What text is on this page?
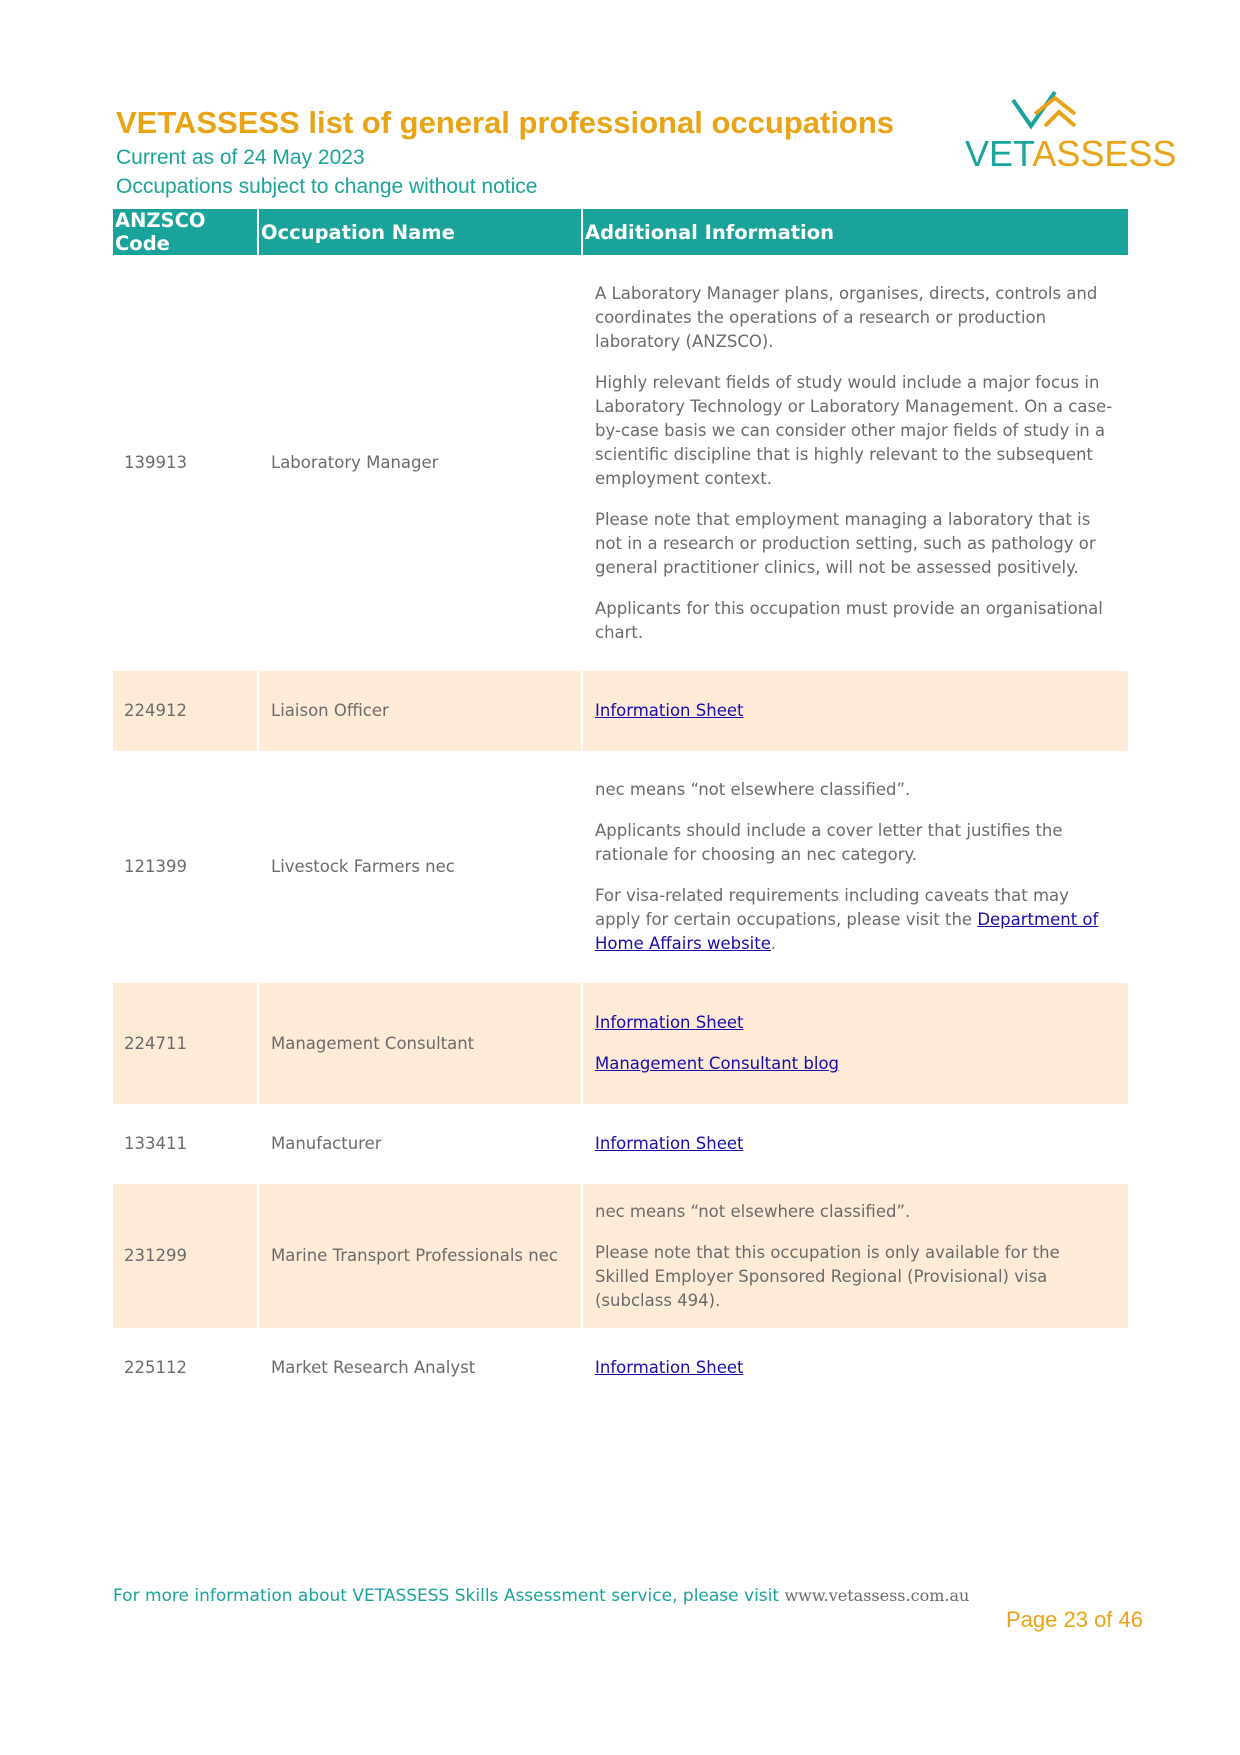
VETASSESS list of general professional occupations

Current as of 24 May 2023

Occupations subject to change without notice

VETASSESS
ANZSCO Code	Occupation Name	Additional Information
139913	Laboratory Manager	A Laboratory Manager plans, organises, directs, controls and coordinates the operations of a research or production laboratory (ANZSCO).

Highly relevant fields of study would include a major focus in Laboratory Technology or Laboratory Management. On a case-by-case basis we can consider other major fields of study in a scientific discipline that is highly relevant to the subsequent employment context.

Please note that employment managing a laboratory that is not in a research or production setting, such as pathology or general practitioner clinics, will not be assessed positively.

Applicants for this occupation must provide an organisational chart.

224912	Liaison Officer	Information Sheet
121399	Livestock Farmers nec	nec means “not elsewhere classified”.

Applicants should include a cover letter that justifies the rationale for choosing an nec category.

For visa-related requirements including caveats that may apply for certain occupations, please visit the Department of Home Affairs website.

224711	Management Consultant	Information Sheet

Management Consultant blog

133411	Manufacturer	Information Sheet
231299	Marine Transport Professionals nec	nec means “not elsewhere classified”.

Please note that this occupation is only available for the Skilled Employer Sponsored Regional (Provisional) visa (subclass 494).

225112	Market Research Analyst	Information Sheet
For more information about VETASSESS Skills Assessment service, please visit www.vetassess.com.au
Page 23 of 46
